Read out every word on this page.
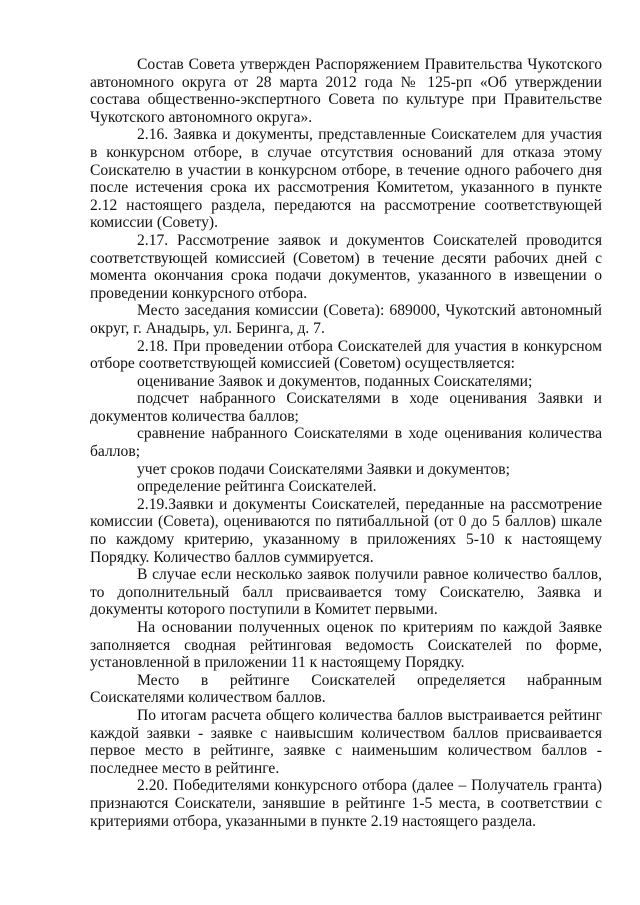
Состав Совета утвержден Распоряжением Правительства Чукотского автономного округа от 28 марта 2012 года № 125-рп «Об утверждении состава общественно-экспертного Совета по культуре при Правительстве Чукотского автономного округа».

2.16. Заявка и документы, представленные Соискателем для участия в конкурсном отборе, в случае отсутствия оснований для отказа этому Соискателю в участии в конкурсном отборе, в течение одного рабочего дня после истечения срока их рассмотрения Комитетом, указанного в пункте 2.12 настоящего раздела, передаются на рассмотрение соответствующей комиссии (Совету).

2.17. Рассмотрение заявок и документов Соискателей проводится соответствующей комиссией (Советом) в течение десяти рабочих дней с момента окончания срока подачи документов, указанного в извещении о проведении конкурсного отбора.

Место заседания комиссии (Совета): 689000, Чукотский автономный округ, г. Анадырь, ул. Беринга, д. 7.

2.18. При проведении отбора Соискателей для участия в конкурсном отборе соответствующей комиссией (Советом) осуществляется:

оценивание Заявок и документов, поданных Соискателями;

подсчет набранного Соискателями в ходе оценивания Заявки и документов количества баллов;

сравнение набранного Соискателями в ходе оценивания количества баллов;

учет сроков подачи Соискателями Заявки и документов;

определение рейтинга Соискателей.

2.19.Заявки и документы Соискателей, переданные на рассмотрение комиссии (Совета), оцениваются по пятибалльной (от 0 до 5 баллов) шкале по каждому критерию, указанному в приложениях 5-10 к настоящему Порядку. Количество баллов суммируется.

В случае если несколько заявок получили равное количество баллов, то дополнительный балл присваивается тому Соискателю, Заявка и документы которого поступили в Комитет первыми.

На основании полученных оценок по критериям по каждой Заявке заполняется сводная рейтинговая ведомость Соискателей по форме, установленной в приложении 11 к настоящему Порядку.

Место в рейтинге Соискателей определяется набранным Соискателями количеством баллов.

По итогам расчета общего количества баллов выстраивается рейтинг каждой заявки - заявке с наивысшим количеством баллов присваивается первое место в рейтинге, заявке с наименьшим количеством баллов - последнее место в рейтинге.

2.20. Победителями конкурсного отбора (далее – Получатель гранта) признаются Соискатели, занявшие в рейтинге 1-5 места, в соответствии с критериями отбора, указанными в пункте 2.19 настоящего раздела.
